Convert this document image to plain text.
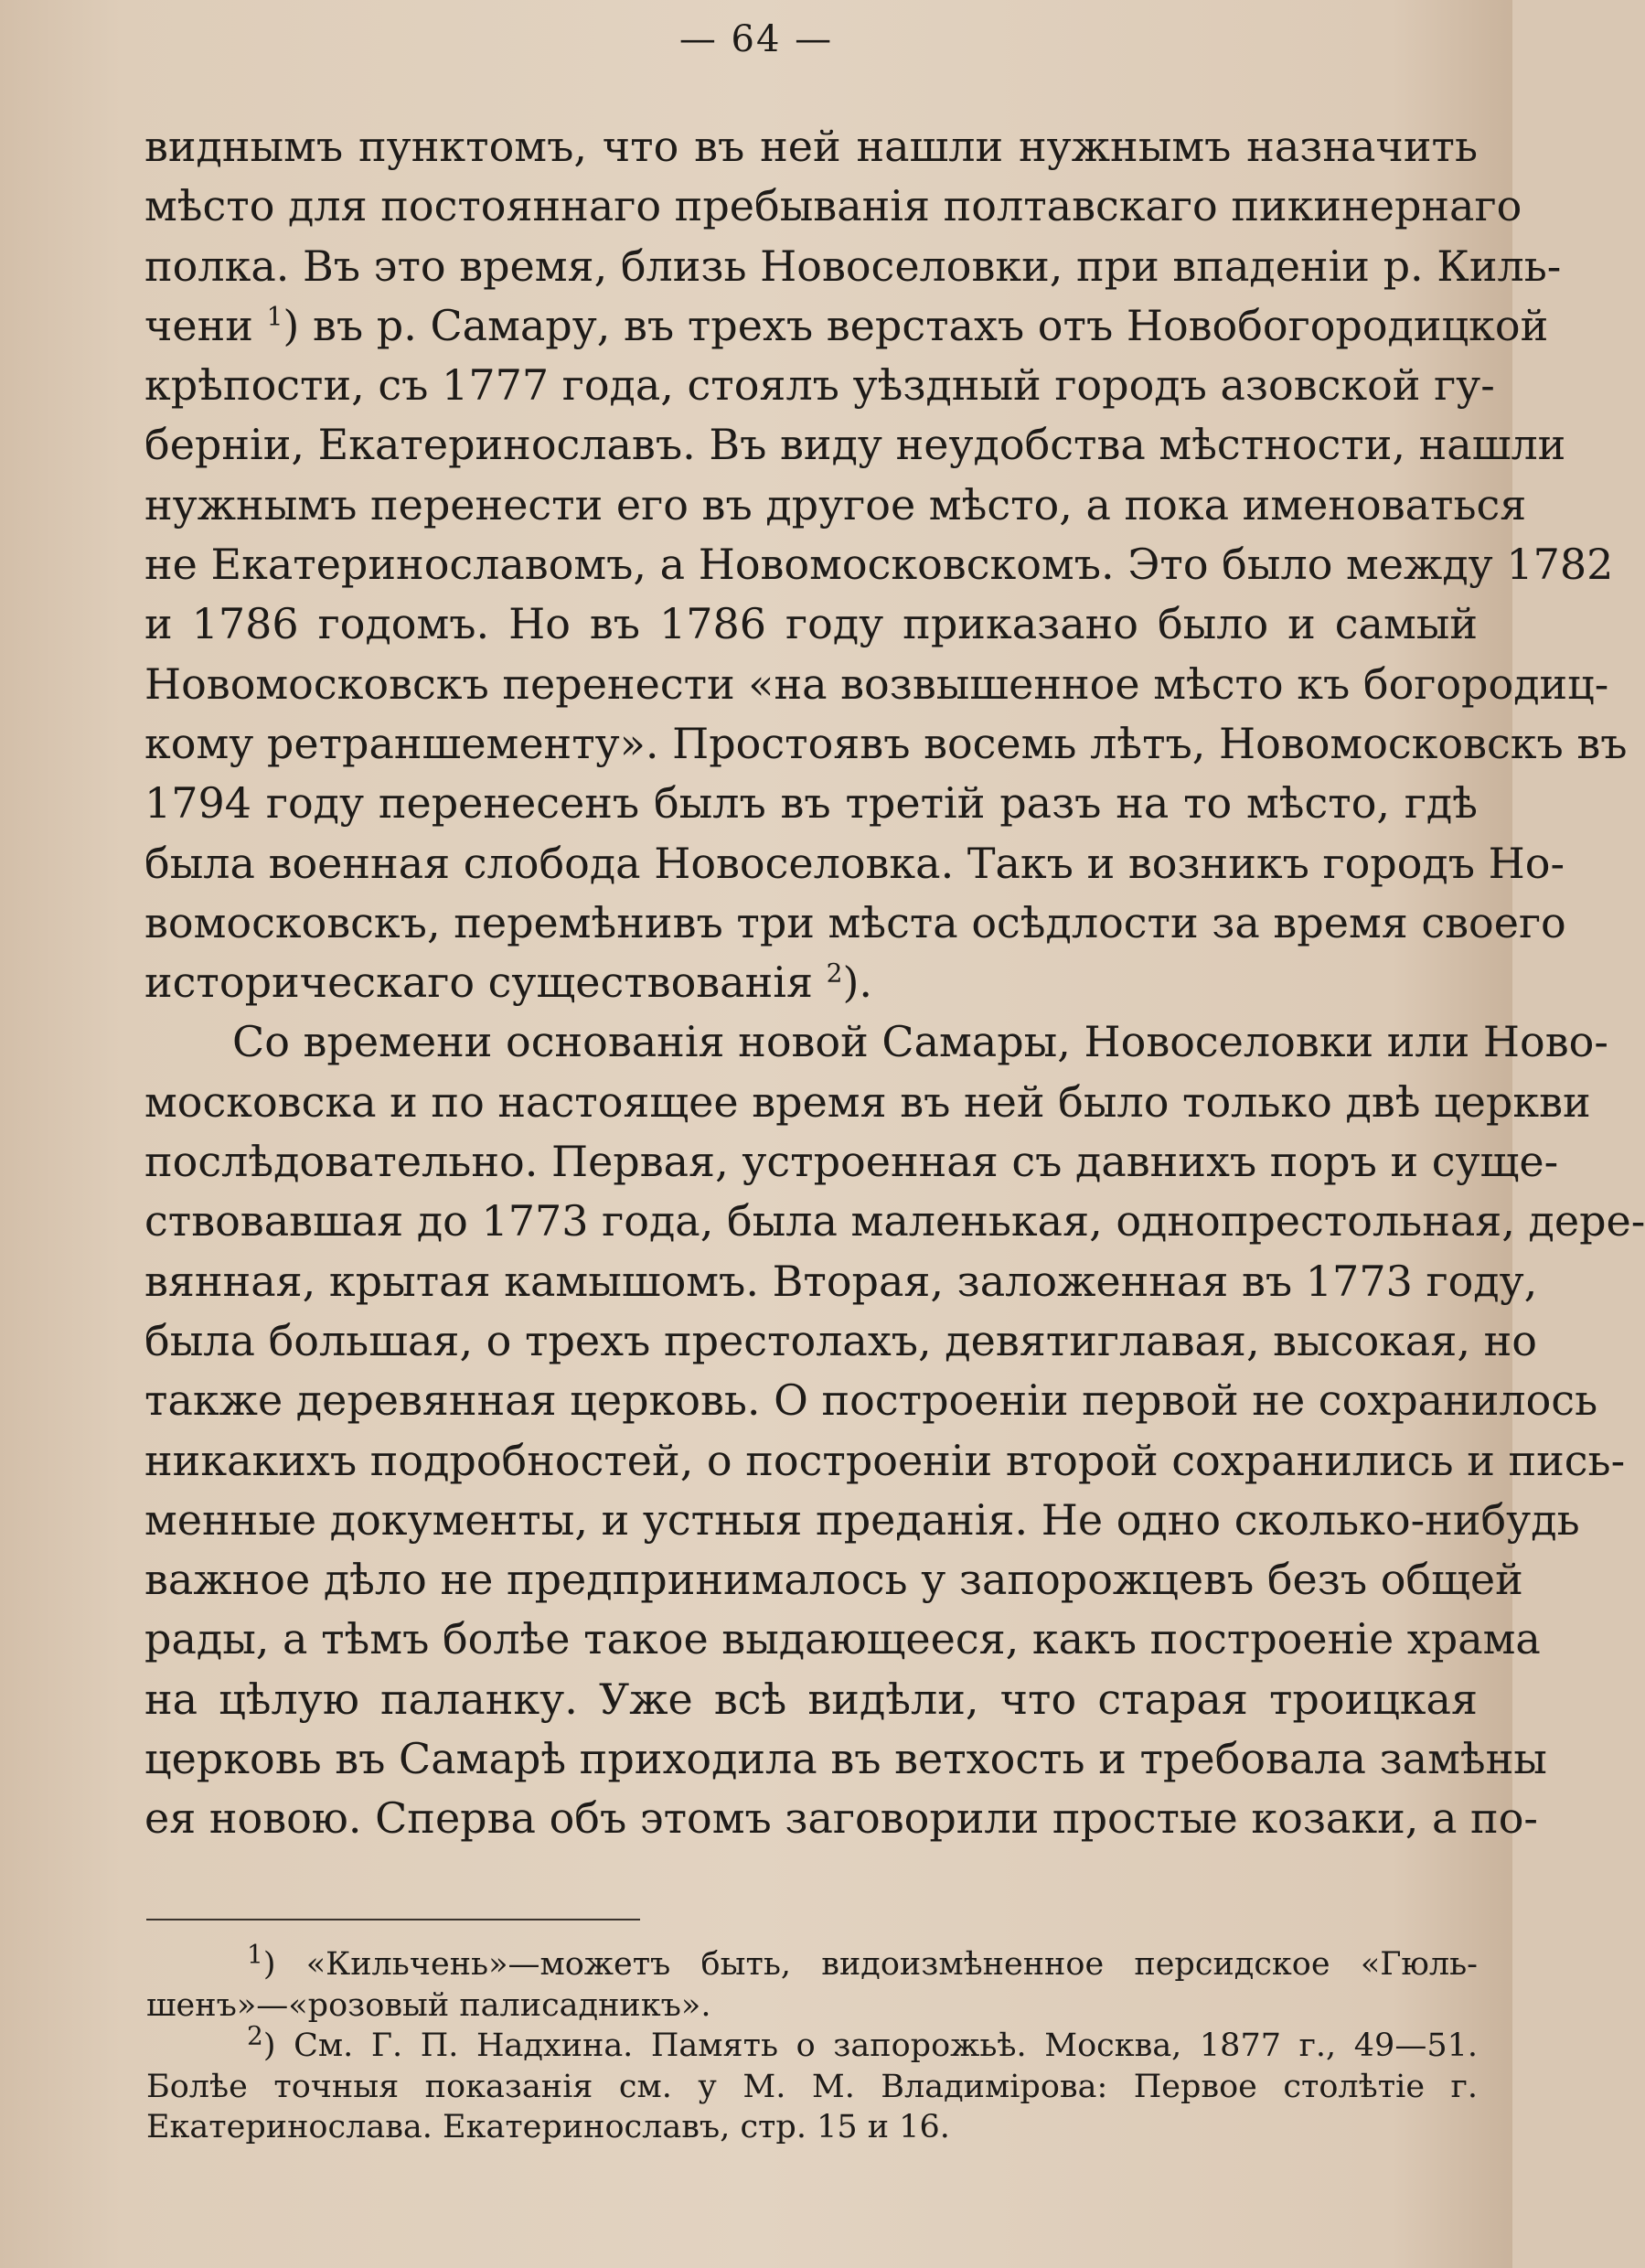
— 64 —
виднымъ пунктомъ, что въ ней нашли нужнымъ назначить
мѣсто для постояннаго пребыванія полтавскаго пикинернаго
полка. Въ это время, близь Новоселовки, при впаденіи р. Киль-
чени $^1$) въ р. Самару, въ трехъ верстахъ отъ Новобогородицкой
крѣпости, съ 1777 года, стоялъ уѣздный городъ азовской гу-
берніи, Екатеринославъ. Въ виду неудобства мѣстности, нашли
нужнымъ перенести его въ другое мѣсто, а пока именоваться
не Екатеринославомъ, а Новомосковскомъ. Это было между 1782
и 1786 годомъ. Но въ 1786 году приказано было и самый
Новомосковскъ перенести «на возвышенное мѣсто къ богородиц-
кому ретраншементу». Простоявъ восемь лѣтъ, Новомосковскъ въ
1794 году перенесенъ былъ въ третій разъ на то мѣсто, гдѣ
была военная слобода Новоселовка. Такъ и возникъ городъ Но-
вомосковскъ, перемѣнивъ три мѣста осѣдлости за время своего
историческаго существованія $^2$).
Со времени основанія новой Самары, Новоселовки или Ново-
московска и по настоящее время въ ней было только двѣ церкви
послѣдовательно. Первая, устроенная съ давнихъ поръ и суще-
ствовавшая до 1773 года, была маленькая, однопрестольная, дере-
вянная, крытая камышомъ. Вторая, заложенная въ 1773 году,
была большая, о трехъ престолахъ, девятиглавая, высокая, но
также деревянная церковь. О построеніи первой не сохранилось
никакихъ подробностей, о построеніи второй сохранились и пись-
менные документы, и устныя преданія. Не одно сколько-нибудь
важное дѣло не предпринималось у запорожцевъ безъ общей
рады, а тѣмъ болѣе такое выдающееся, какъ построеніе храма
на цѣлую паланку. Уже всѣ видѣли, что старая троицкая
церковь въ Самарѣ приходила въ ветхость и требовала замѣны
ея новою. Сперва объ этомъ заговорили простые козаки, а по-
$^1$) «Кильчень»—можетъ быть, видоизмѣненное персидское «Гюль-
шенъ»—«розовый палисадникъ».
$^2$) См. Г. П. Надхина. Память о запорожьѣ. Москва, 1877 г., 49—51.
Болѣе точныя показанія см. у М. М. Владимірова: Первое столѣтіе г.
Екатеринослава. Екатеринославъ, стр. 15 и 16.
